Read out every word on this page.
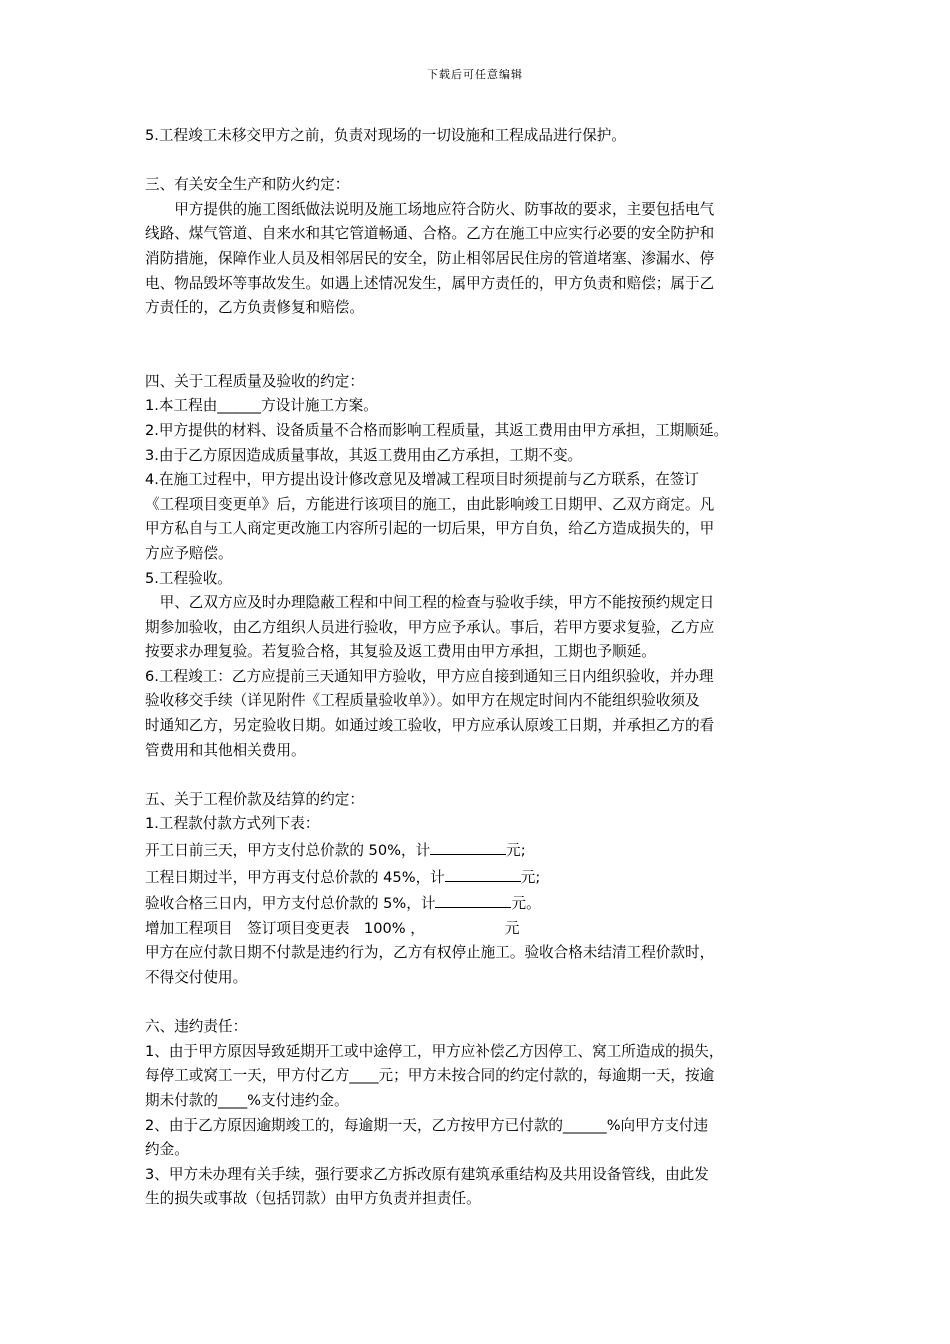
下载后可任意编辑

5.工程竣工未移交甲方之前，负责对现场的一切设施和工程成品进行保护。

三、有关安全生产和防火约定：

　　甲方提供的施工图纸做法说明及施工场地应符合防火、防事故的要求，主要包括电气

线路、煤气管道、自来水和其它管道畅通、合格。乙方在施工中应实行必要的安全防护和

消防措施，保障作业人员及相邻居民的安全，防止相邻居民住房的管道堵塞、渗漏水、停

电、物品毁坏等事故发生。如遇上述情况发生，属甲方责任的，甲方负责和赔偿；属于乙

方责任的，乙方负责修复和赔偿。

四、关于工程质量及验收的约定：

1.本工程由______方设计施工方案。

2.甲方提供的材料、设备质量不合格而影响工程质量，其返工费用由甲方承担，工期顺延。

3.由于乙方原因造成质量事故，其返工费用由乙方承担，工期不变。

4.在施工过程中，甲方提出设计修改意见及增减工程项目时须提前与乙方联系，在签订

《工程项目变更单》后，方能进行该项目的施工，由此影响竣工日期甲、乙双方商定。凡

甲方私自与工人商定更改施工内容所引起的一切后果，甲方自负，给乙方造成损失的，甲

方应予赔偿。

5.工程验收。

　甲、乙双方应及时办理隐蔽工程和中间工程的检查与验收手续，甲方不能按预约规定日

期参加验收，由乙方组织人员进行验收，甲方应予承认。事后，若甲方要求复验，乙方应

按要求办理复验。若复验合格，其复验及返工费用由甲方承担，工期也予顺延。

6.工程竣工：乙方应提前三天通知甲方验收，甲方应自接到通知三日内组织验收，并办理

验收移交手续（详见附件《工程质量验收单》）。如甲方在规定时间内不能组织验收须及

时通知乙方，另定验收日期。如通过竣工验收，甲方应承认原竣工日期，并承担乙方的看

管费用和其他相关费用。

五、关于工程价款及结算的约定：

1.工程款付款方式列下表：

开工日前三天，甲方支付总价款的 50%，计	元;

工程日期过半，甲方再支付总价款的 45%，计	元;

验收合格三日内，甲方支付总价款的 5%，计	元。

增加工程项目　签订项目变更表　100% ，	元

甲方在应付款日期不付款是违约行为，乙方有权停止施工。验收合格未结清工程价款时，

不得交付使用。

六、违约责任：

1、由于甲方原因导致延期开工或中途停工，甲方应补偿乙方因停工、窝工所造成的损失，

每停工或窝工一天，甲方付乙方____元；甲方未按合同的约定付款的，每逾期一天，按逾

期未付款的____%支付违约金。

2、由于乙方原因逾期竣工的，每逾期一天，乙方按甲方已付款的______%向甲方支付违

约金。

3、甲方未办理有关手续，强行要求乙方拆改原有建筑承重结构及共用设备管线，由此发

生的损失或事故（包括罚款）由甲方负责并担责任。
